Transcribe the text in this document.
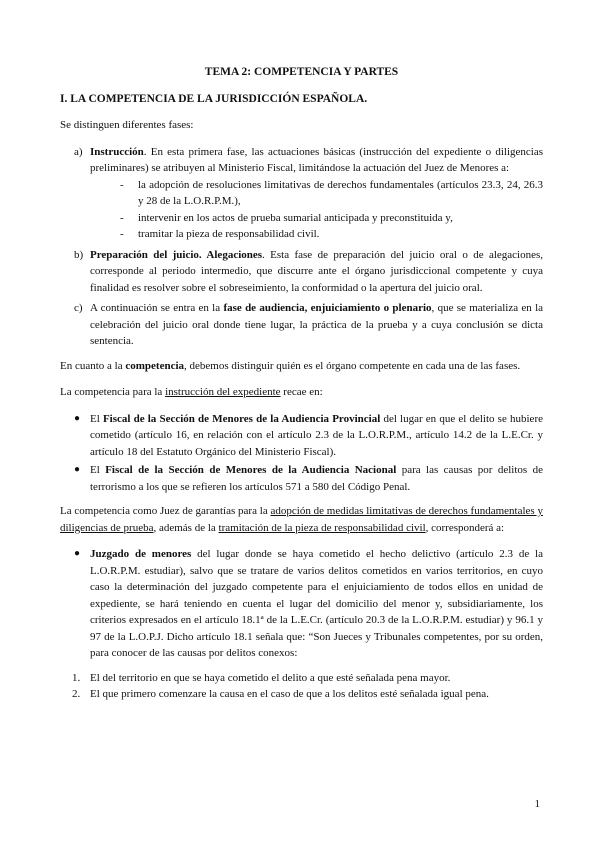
TEMA 2: COMPETENCIA Y PARTES
I. LA COMPETENCIA DE LA JURISDICCIÓN ESPAÑOLA.

Se distinguen diferentes fases:

a) Instrucción. En esta primera fase, las actuaciones básicas (instrucción del expediente o diligencias preliminares) se atribuyen al Ministerio Fiscal, limitándose la actuación del Juez de Menores a:
- la adopción de resoluciones limitativas de derechos fundamentales (artículos 23.3, 24, 26.3 y 28 de la L.O.R.P.M.),
- intervenir en los actos de prueba sumarial anticipada y preconstituida y,
- tramitar la pieza de responsabilidad civil.
b) Preparación del juicio. Alegaciones. Esta fase de preparación del juicio oral o de alegaciones, corresponde al periodo intermedio, que discurre ante el órgano jurisdiccional competente y cuya finalidad es resolver sobre el sobreseimiento, la conformidad o la apertura del juicio oral.
c) A continuación se entra en la fase de audiencia, enjuiciamiento o plenario, que se materializa en la celebración del juicio oral donde tiene lugar, la práctica de la prueba y a cuya conclusión se dicta sentencia.

En cuanto a la competencia, debemos distinguir quién es el órgano competente en cada una de las fases.

La competencia para la instrucción del expediente recae en:

● El Fiscal de la Sección de Menores de la Audiencia Provincial del lugar en que el delito se hubiere cometido (artículo 16, en relación con el artículo 2.3 de la L.O.R.P.M., artículo 14.2 de la L.E.Cr. y artículo 18 del Estatuto Orgánico del Ministerio Fiscal).
● El Fiscal de la Sección de Menores de la Audiencia Nacional para las causas por delitos de terrorismo a los que se refieren los artículos 571 a 580 del Código Penal.

La competencia como Juez de garantías para la adopción de medidas limitativas de derechos fundamentales y diligencias de prueba, además de la tramitación de la pieza de responsabilidad civil, corresponderá a:

● Juzgado de menores del lugar donde se haya cometido el hecho delictivo (artículo 2.3 de la L.O.R.P.M. estudiar), salvo que se tratare de varios delitos cometidos en varios territorios, en cuyo caso la determinación del juzgado competente para el enjuiciamiento de todos ellos en unidad de expediente, se hará teniendo en cuenta el lugar del domicilio del menor y, subsidiariamente, los criterios expresados en el artículo 18.1ª de la L.E.Cr. (artículo 20.3 de la L.O.R.P.M. estudiar) y 96.1 y 97 de la L.O.P.J. Dicho artículo 18.1 señala que: “Son Jueces y Tribunales competentes, por su orden, para conocer de las causas por delitos conexos:
1. El del territorio en que se haya cometido el delito a que esté señalada pena mayor.
2. El que primero comenzare la causa en el caso de que a los delitos esté señalada igual pena.
1
